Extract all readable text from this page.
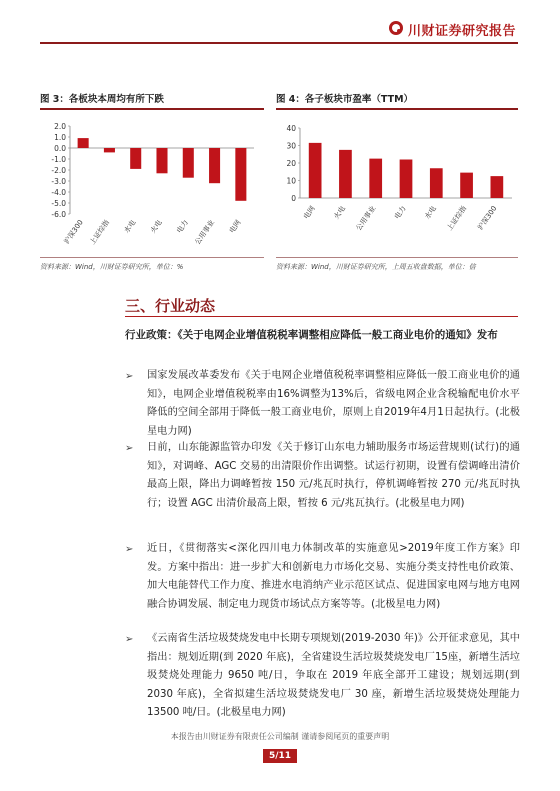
川财证券研究报告
图 3：各板块本周均有所下跌
2.0
1.0
0.0
-1.0
-2.0
-3.0
-4.0
-5.0
-6.0
沪深300 上证综指 水电 火电 电力 公用事业 电网
资料来源：Wind，川财证券研究所，单位：%
图 4：各子板块市盈率（TTM）
40
30
20
10
0
电网 火电 公用事业 电力 水电 上证综指 沪深300
资料来源：Wind，川财证券研究所，上周五收盘数据，单位：倍
三、行业动态
行业政策：《关于电网企业增值税税率调整相应降低一般工商业电价的通知》发布
➢ 国家发展改革委发布《关于电网企业增值税税率调整相应降低一般工商业电价的通知》，电网企业增值税税率由16%调整为13%后，省级电网企业含税输配电价水平降低的空间全部用于降低一般工商业电价，原则上自2019年4月1日起执行。(北极星电力网)
➢ 日前，山东能源监管办印发《关于修订山东电力辅助服务市场运营规则(试行)的通知》，对调峰、AGC 交易的出清限价作出调整。试运行初期，设置有偿调峰出清价最高上限，降出力调峰暂按 150 元/兆瓦时执行，停机调峰暂按 270 元/兆瓦时执行；设置 AGC 出清价最高上限，暂按 6 元/兆瓦执行。(北极星电力网)
➢ 近日，《贯彻落实<深化四川电力体制改革的实施意见>2019年度工作方案》印发。方案中指出：进一步扩大和创新电力市场化交易、实施分类支持性电价政策、加大电能替代工作力度、推进水电消纳产业示范区试点、促进国家电网与地方电网融合协调发展、制定电力现货市场试点方案等等。(北极星电力网)
➢ 《云南省生活垃圾焚烧发电中长期专项规划(2019-2030 年)》公开征求意见，其中指出：规划近期(到 2020 年底)，全省建设生活垃圾焚烧发电厂15座，新增生活垃圾焚烧处理能力 9650 吨/日，争取在 2019 年底全部开工建设；规划远期(到 2030 年底)，全省拟建生活垃圾焚烧发电厂 30 座，新增生活垃圾焚烧处理能力 13500 吨/日。(北极星电力网)
本报告由川财证券有限责任公司编制 谨请参阅尾页的重要声明
5/11
